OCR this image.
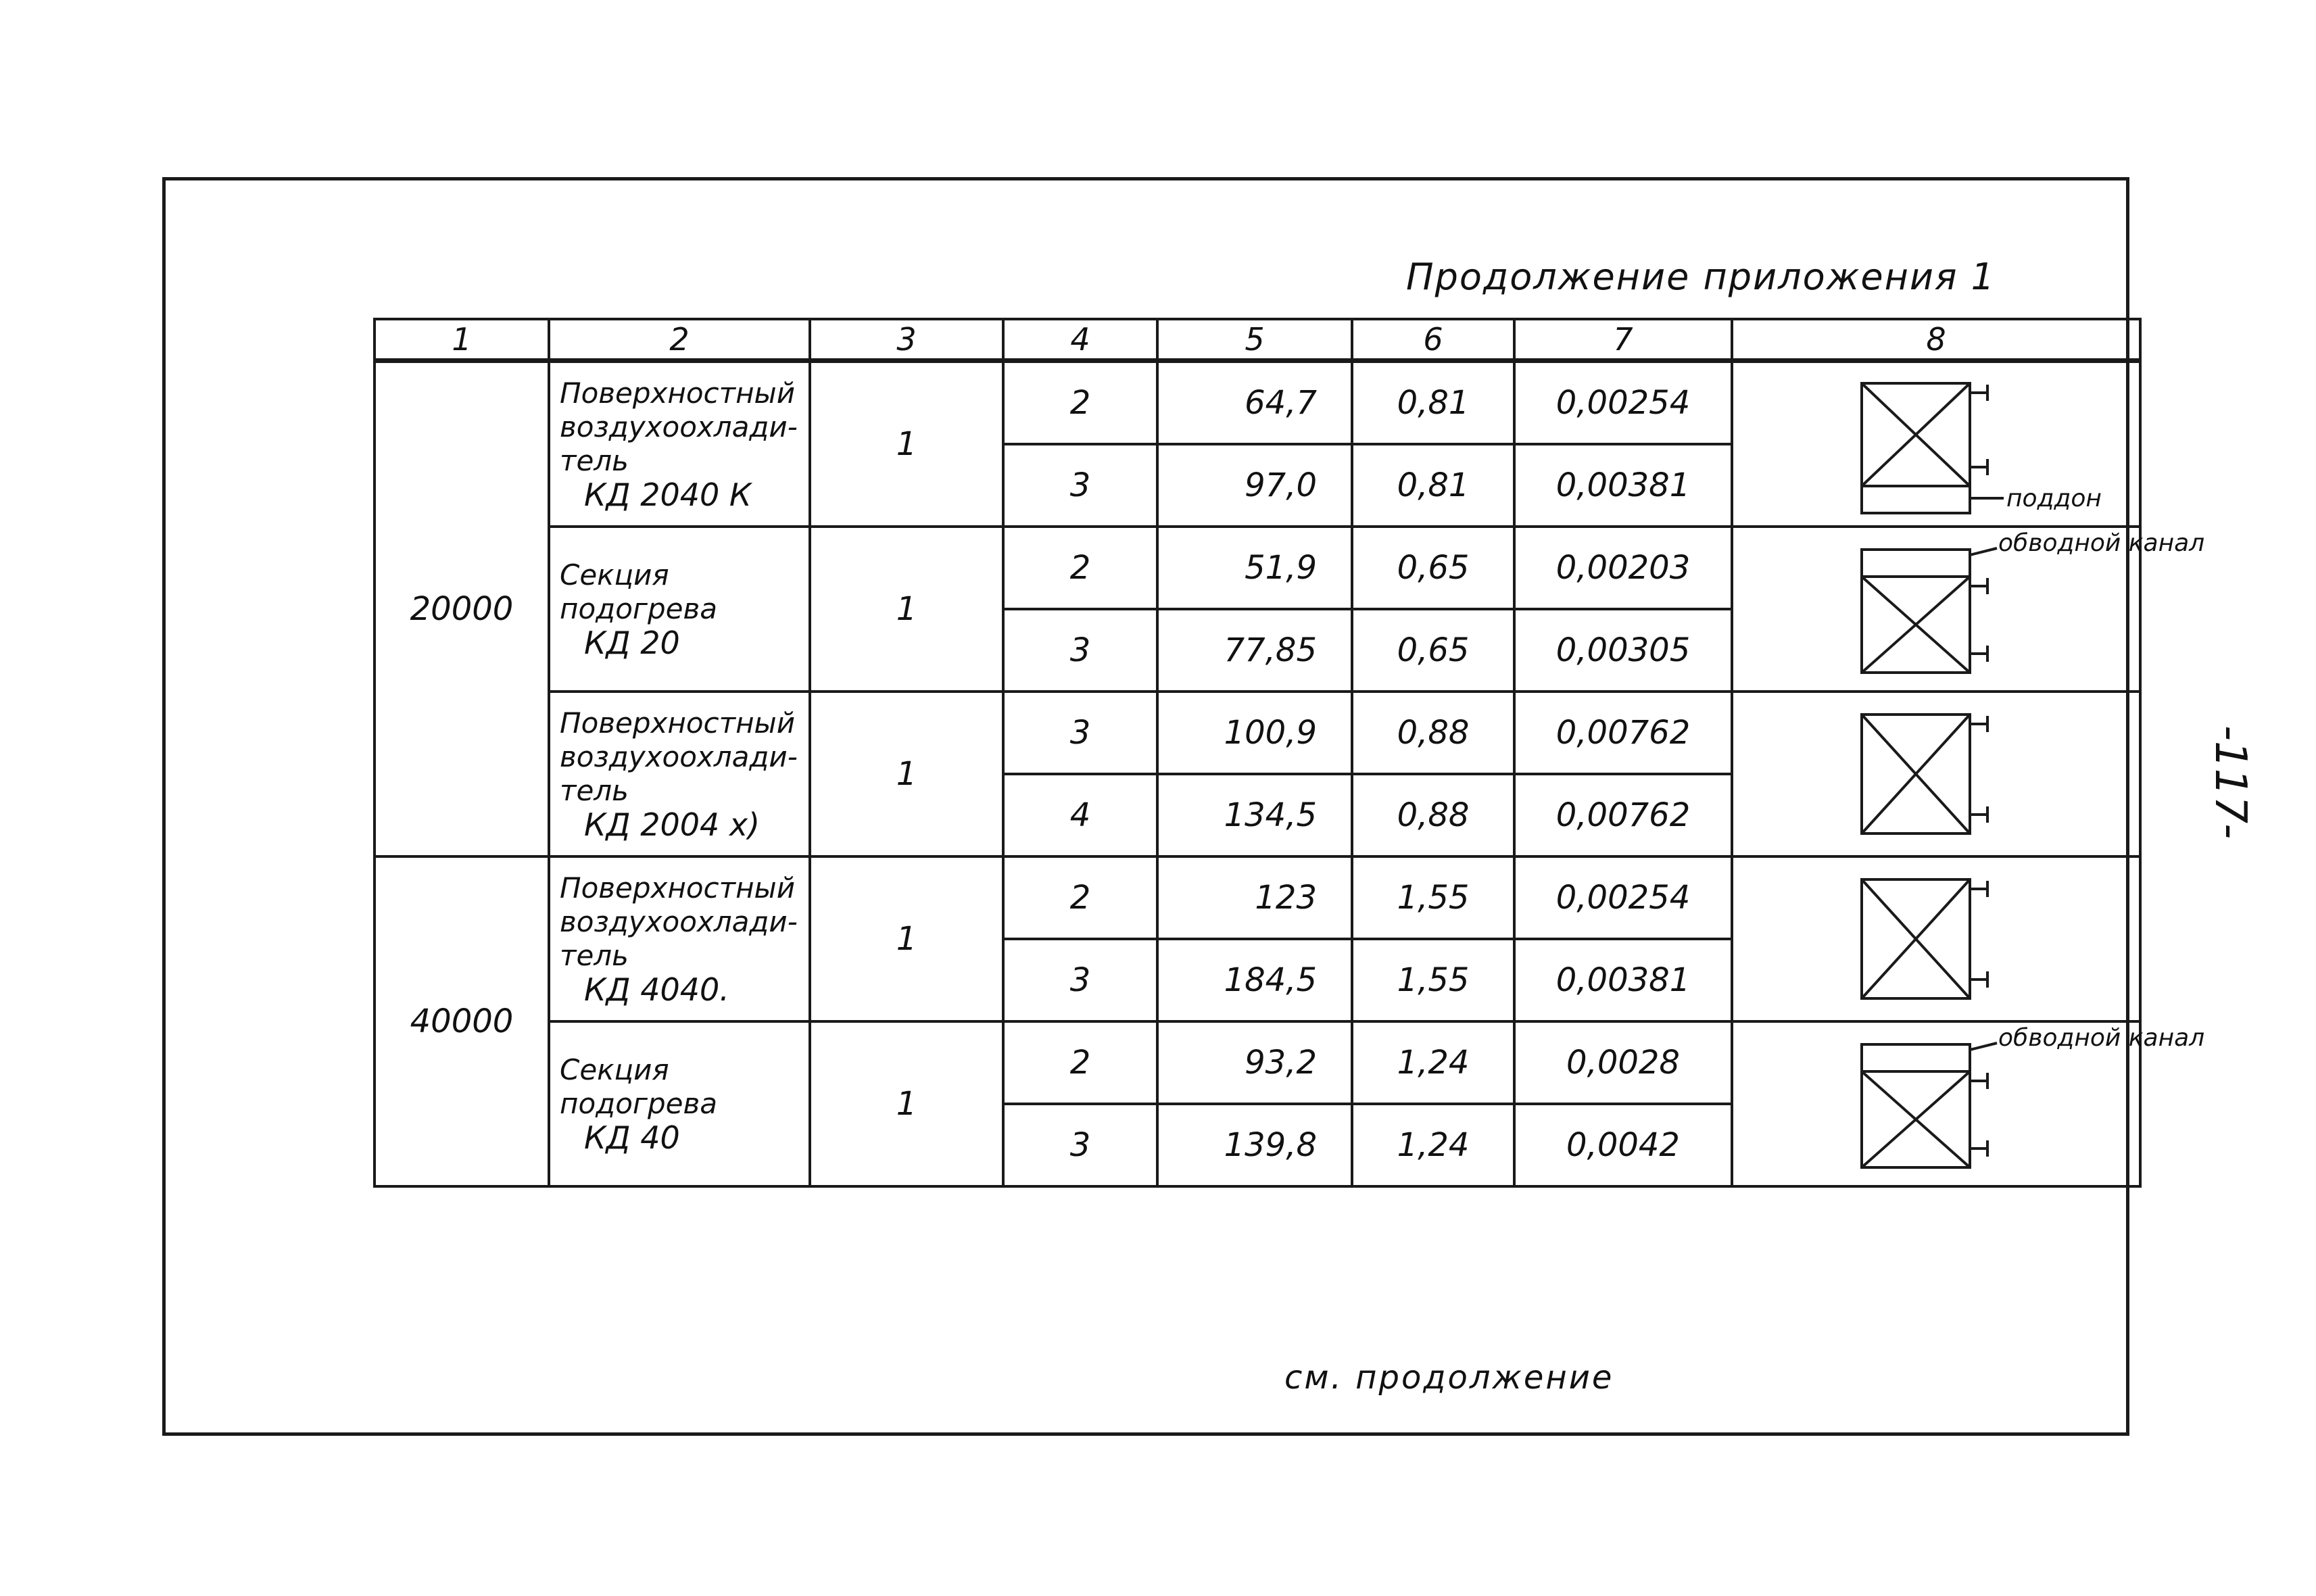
Продолжение приложения 1
1	2	3	4	5	6	7	8
20000	Поверхностный
воздухоохлади-
тель
КД 2040 К	1	2	64,7	0,81	0,00254	поддон

			3	97,0	0,81	0,00381	

	Секция
подогрева
КД 20	1	2	51,9	0,65	0,00203	обводной канал

			3	77,85	0,65	0,00305	

	Поверхностный
воздухоохлади-
тель
КД 2004 х)	1	3	100,9	0,88	0,00762	

			4	134,5	0,88	0,00762	
40000	Поверхностный
воздухоохлади-
тель
КД 4040.	1	2	123	1,55	0,00254	

			3	184,5	1,55	0,00381	

	Секция
подогрева
КД 40	1	2	93,2	1,24	0,0028	обводной канал

			3	139,8	1,24	0,0042	
см. продолжение
-117-
